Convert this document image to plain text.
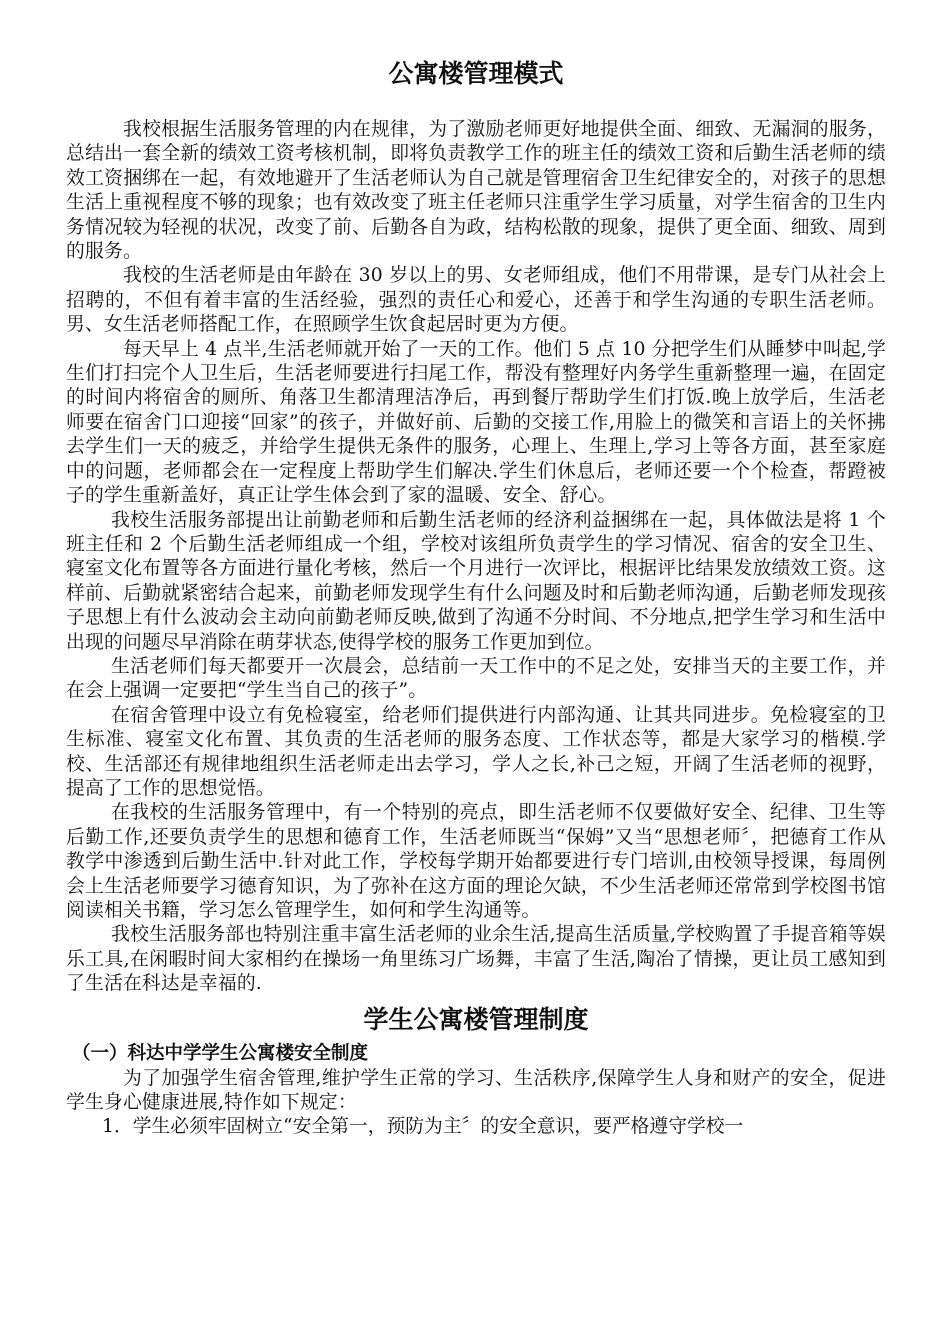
公寓楼管理模式

我校根据生活服务管理的内在规律，为了激励老师更好地提供全面、细致、无漏洞的服务，总结出一套全新的绩效工资考核机制，即将负责教学工作的班主任的绩效工资和后勤生活老师的绩效工资捆绑在一起，有效地避开了生活老师认为自己就是管理宿舍卫生纪律安全的，对孩子的思想生活上重视程度不够的现象；也有效改变了班主任老师只注重学生学习质量，对学生宿舍的卫生内务情况较为轻视的状况，改变了前、后勤各自为政，结构松散的现象，提供了更全面、细致、周到的服务。

我校的生活老师是由年龄在 30 岁以上的男、女老师组成，他们不用带课，是专门从社会上招聘的，不但有着丰富的生活经验，强烈的责任心和爱心，还善于和学生沟通的专职生活老师。男、女生活老师搭配工作，在照顾学生饮食起居时更为方便。

每天早上 4 点半,生活老师就开始了一天的工作。他们 5 点 10 分把学生们从睡梦中叫起,学生们打扫完个人卫生后，生活老师要进行扫尾工作，帮没有整理好内务学生重新整理一遍，在固定的时间内将宿舍的厕所、角落卫生都清理洁净后，再到餐厅帮助学生们打饭.晚上放学后，生活老师要在宿舍门口迎接“回家”的孩子，并做好前、后勤的交接工作,用脸上的微笑和言语上的关怀拂去学生们一天的疲乏，并给学生提供无条件的服务，心理上、生理上,学习上等各方面，甚至家庭中的问题，老师都会在一定程度上帮助学生们解决.学生们休息后，老师还要一个个检查，帮蹬被子的学生重新盖好，真正让学生体会到了家的温暖、安全、舒心。

我校生活服务部提出让前勤老师和后勤生活老师的经济利益捆绑在一起，具体做法是将 1 个班主任和 2 个后勤生活老师组成一个组，学校对该组所负责学生的学习情况、宿舍的安全卫生、寝室文化布置等各方面进行量化考核，然后一个月进行一次评比，根据评比结果发放绩效工资。这样前、后勤就紧密结合起来，前勤老师发现学生有什么问题及时和后勤老师沟通，后勤老师发现孩子思想上有什么波动会主动向前勤老师反映,做到了沟通不分时间、不分地点,把学生学习和生活中出现的问题尽早消除在萌芽状态,使得学校的服务工作更加到位。

生活老师们每天都要开一次晨会，总结前一天工作中的不足之处，安排当天的主要工作，并在会上强调一定要把“学生当自己的孩子”。

在宿舍管理中设立有免检寝室，给老师们提供进行内部沟通、让其共同进步。免检寝室的卫生标准、寝室文化布置、其负责的生活老师的服务态度、工作状态等，都是大家学习的楷模.学校、生活部还有规律地组织生活老师走出去学习，学人之长,补己之短，开阔了生活老师的视野，提高了工作的思想觉悟。

在我校的生活服务管理中，有一个特别的亮点，即生活老师不仅要做好安全、纪律、卫生等后勤工作,还要负责学生的思想和德育工作，生活老师既当“保姆”又当“思想老师〞，把德育工作从教学中渗透到后勤生活中.针对此工作，学校每学期开始都要进行专门培训,由校领导授课，每周例会上生活老师要学习德育知识，为了弥补在这方面的理论欠缺，不少生活老师还常常到学校图书馆阅读相关书籍，学习怎么管理学生，如何和学生沟通等。

我校生活服务部也特别注重丰富生活老师的业余生活,提高生活质量,学校购置了手提音箱等娱乐工具,在闲暇时间大家相约在操场一角里练习广场舞，丰富了生活,陶冶了情操，更让员工感知到了生活在科达是幸福的.

学生公寓楼管理制度
（一）科达中学学生公寓楼安全制度

为了加强学生宿舍管理,维护学生正常的学习、生活秩序,保障学生人身和财产的安全，促进学生身心健康进展,特作如下规定：

1．学生必须牢固树立“安全第一，预防为主〞的安全意识，要严格遵守学校一
